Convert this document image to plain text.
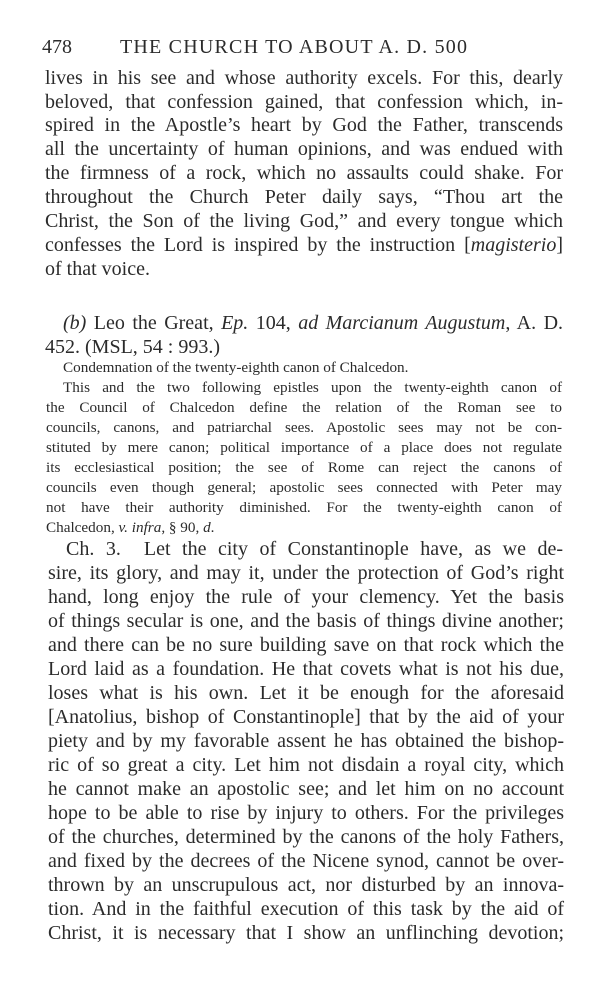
478 THE CHURCH TO ABOUT A. D. 500
lives in his see and whose authority excels. For this, dearly
beloved, that confession gained, that confession which, in-
spired in the Apostle’s heart by God the Father, transcends
all the uncertainty of human opinions, and was endued with
the firmness of a rock, which no assaults could shake. For
throughout the Church Peter daily says, “Thou art the
Christ, the Son of the living God,” and every tongue which
confesses the Lord is inspired by the instruction [magisterio]
of that voice.
(b) Leo the Great, Ep. 104, ad Marcianum Augustum, A. D.
452. (MSL, 54 : 993.)
Condemnation of the twenty-eighth canon of Chalcedon.
This and the two following epistles upon the twenty-eighth canon of
the Council of Chalcedon define the relation of the Roman see to
councils, canons, and patriarchal sees. Apostolic sees may not be con-
stituted by mere canon; political importance of a place does not regulate
its ecclesiastical position; the see of Rome can reject the canons of
councils even though general; apostolic sees connected with Peter may
not have their authority diminished. For the twenty-eighth canon of
Chalcedon, v. infra, § 90, d.
Ch. 3. Let the city of Constantinople have, as we de-
sire, its glory, and may it, under the protection of God’s right
hand, long enjoy the rule of your clemency. Yet the basis
of things secular is one, and the basis of things divine another;
and there can be no sure building save on that rock which the
Lord laid as a foundation. He that covets what is not his due,
loses what is his own. Let it be enough for the aforesaid
[Anatolius, bishop of Constantinople] that by the aid of your
piety and by my favorable assent he has obtained the bishop-
ric of so great a city. Let him not disdain a royal city, which
he cannot make an apostolic see; and let him on no account
hope to be able to rise by injury to others. For the privileges
of the churches, determined by the canons of the holy Fathers,
and fixed by the decrees of the Nicene synod, cannot be over-
thrown by an unscrupulous act, nor disturbed by an innova-
tion. And in the faithful execution of this task by the aid of
Christ, it is necessary that I show an unflinching devotion;
